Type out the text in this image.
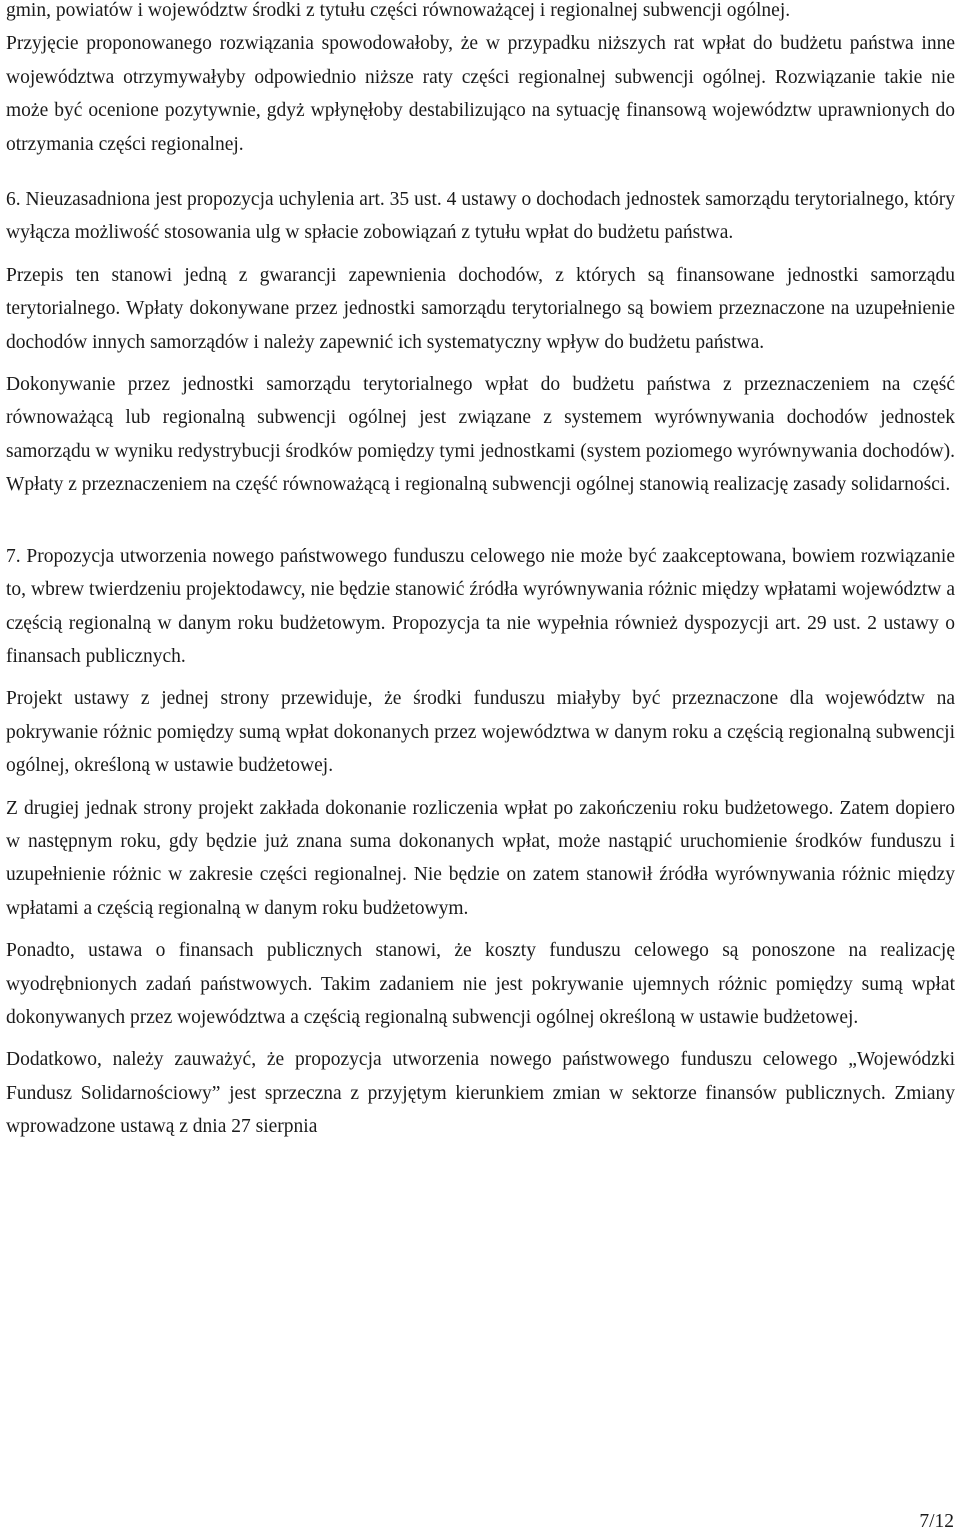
gmin, powiatów i województw środki z tytułu części równoważącej i regionalnej subwencji ogólnej.

Przyjęcie proponowanego rozwiązania spowodowałoby, że w przypadku niższych rat wpłat do budżetu państwa inne województwa otrzymywałyby odpowiednio niższe raty części regionalnej subwencji ogólnej. Rozwiązanie takie nie może być ocenione pozytywnie, gdyż wpłynęłoby destabilizująco na sytuację finansową województw uprawnionych do otrzymania części regionalnej.

6. Nieuzasadniona jest propozycja uchylenia art. 35 ust. 4 ustawy o dochodach jednostek samorządu terytorialnego, który wyłącza możliwość stosowania ulg w spłacie zobowiązań z tytułu wpłat do budżetu państwa.

Przepis ten stanowi jedną z gwarancji zapewnienia dochodów, z których są finansowane jednostki samorządu terytorialnego. Wpłaty dokonywane przez jednostki samorządu terytorialnego są bowiem przeznaczone na uzupełnienie dochodów innych samorządów i należy zapewnić ich systematyczny wpływ do budżetu państwa.

Dokonywanie przez jednostki samorządu terytorialnego wpłat do budżetu państwa z przeznaczeniem na część równoważącą lub regionalną subwencji ogólnej jest związane z systemem wyrównywania dochodów jednostek samorządu w wyniku redystrybucji środków pomiędzy tymi jednostkami (system poziomego wyrównywania dochodów). Wpłaty z przeznaczeniem na część równoważącą i regionalną subwencji ogólnej stanowią realizację zasady solidarności.

7. Propozycja utworzenia nowego państwowego funduszu celowego nie może być zaakceptowana, bowiem rozwiązanie to, wbrew twierdzeniu projektodawcy, nie będzie stanowić źródła wyrównywania różnic między wpłatami województw a częścią regionalną w danym roku budżetowym. Propozycja ta nie wypełnia również dyspozycji art. 29 ust. 2 ustawy o finansach publicznych.

Projekt ustawy z jednej strony przewiduje, że środki funduszu miałyby być przeznaczone dla województw na pokrywanie różnic pomiędzy sumą wpłat dokonanych przez województwa w danym roku a częścią regionalną subwencji ogólnej, określoną w ustawie budżetowej.

Z drugiej jednak strony projekt zakłada dokonanie rozliczenia wpłat po zakończeniu roku budżetowego. Zatem dopiero w następnym roku, gdy będzie już znana suma dokonanych wpłat, może nastąpić uruchomienie środków funduszu i uzupełnienie różnic w zakresie części regionalnej. Nie będzie on zatem stanowił źródła wyrównywania różnic między wpłatami a częścią regionalną w danym roku budżetowym.

Ponadto, ustawa o finansach publicznych stanowi, że koszty funduszu celowego są ponoszone na realizację wyodrębnionych zadań państwowych. Takim zadaniem nie jest pokrywanie ujemnych różnic pomiędzy sumą wpłat dokonywanych przez województwa a częścią regionalną subwencji ogólnej określoną w ustawie budżetowej.

Dodatkowo, należy zauważyć, że propozycja utworzenia nowego państwowego funduszu celowego „Wojewódzki Fundusz Solidarnościowy” jest sprzeczna z przyjętym kierunkiem zmian w sektorze finansów publicznych. Zmiany wprowadzone ustawą z dnia 27 sierpnia

7/12
